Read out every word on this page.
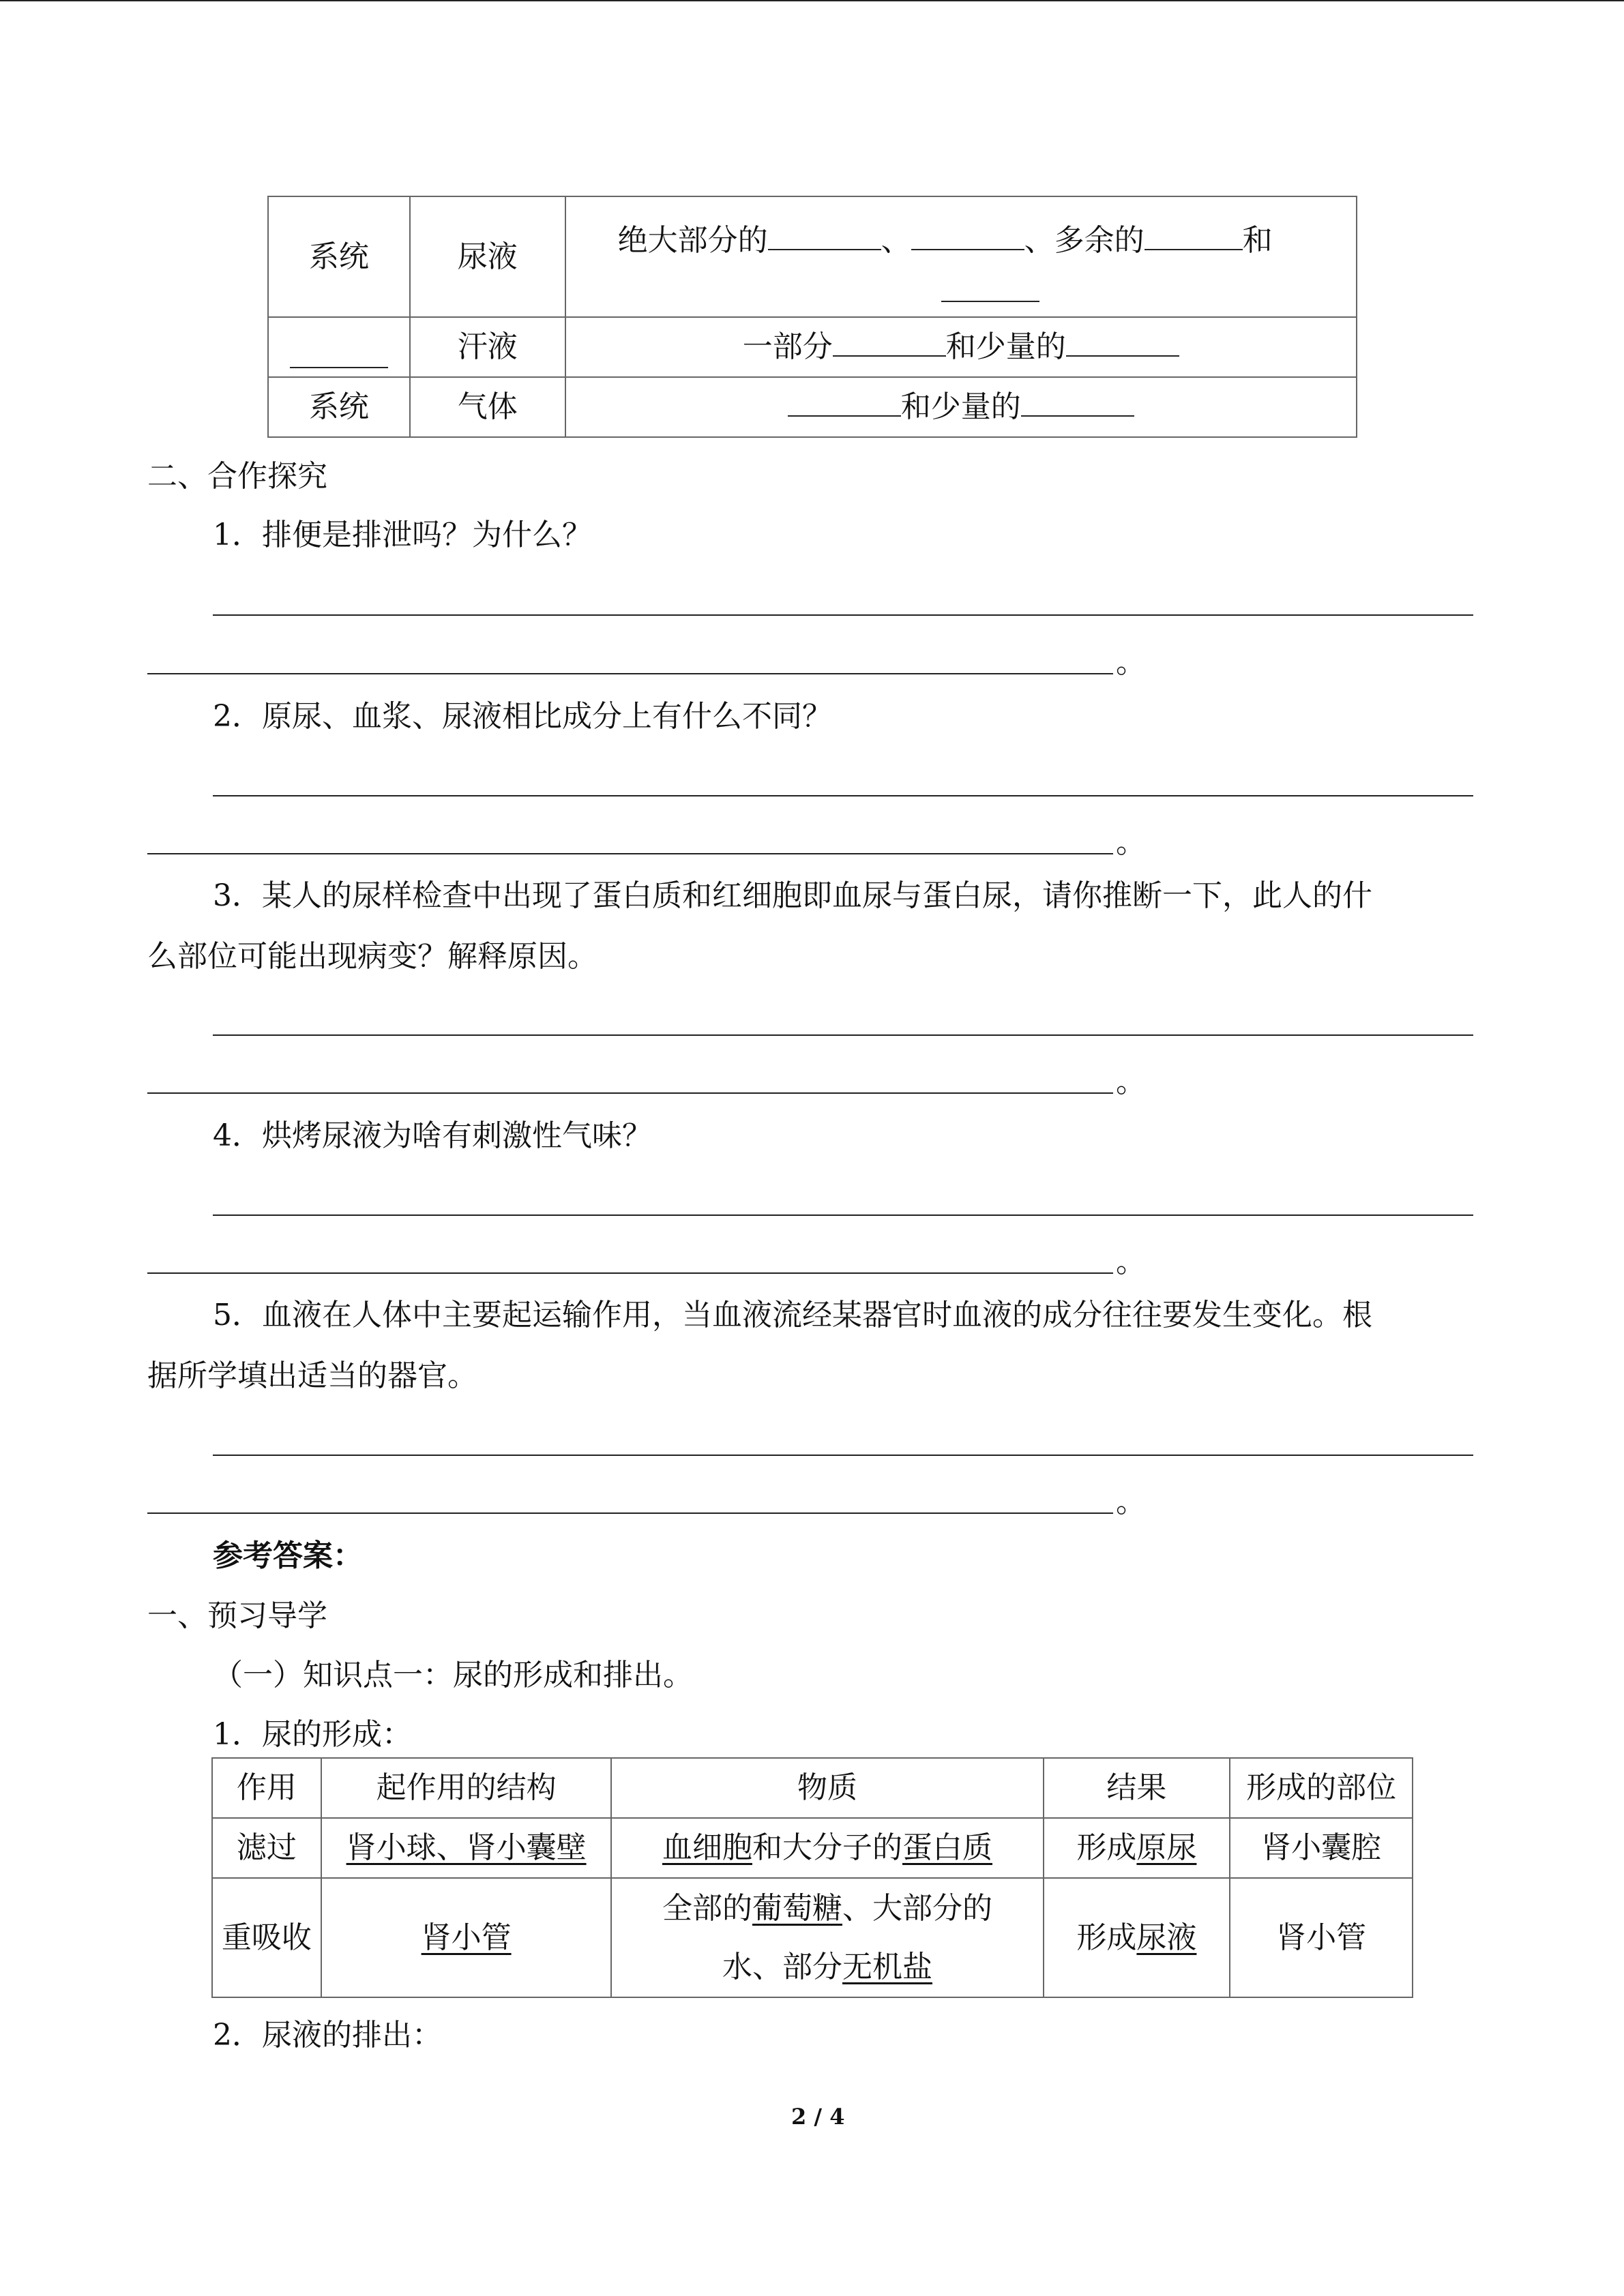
系统	尿液	绝大部分的 、 、多余的 和

	汗液	一部分 和少量的
系统	气体	和少量的
二、合作探究
1．排便是排泄吗？为什么？
。
2．原尿、血浆、尿液相比成分上有什么不同？
。
3．某人的尿样检查中出现了蛋白质和红细胞即血尿与蛋白尿，请你推断一下，此人的什
么部位可能出现病变？解释原因。
。
4．烘烤尿液为啥有刺激性气味？
。
5．血液在人体中主要起运输作用，当血液流经某器官时血液的成分往往要发生变化。根
据所学填出适当的器官。
。
参考答案：
一、预习导学
（一）知识点一：尿的形成和排出。
1．尿的形成：
作用	起作用的结构	物质	结果	形成的部位
滤过	肾小球、肾小囊壁	血细胞和大分子的蛋白质	形成原尿	肾小囊腔
重吸收	肾小管	全部的葡萄糖、大部分的
水、部分无机盐	形成尿液	肾小管
2．尿液的排出：
2 / 4
